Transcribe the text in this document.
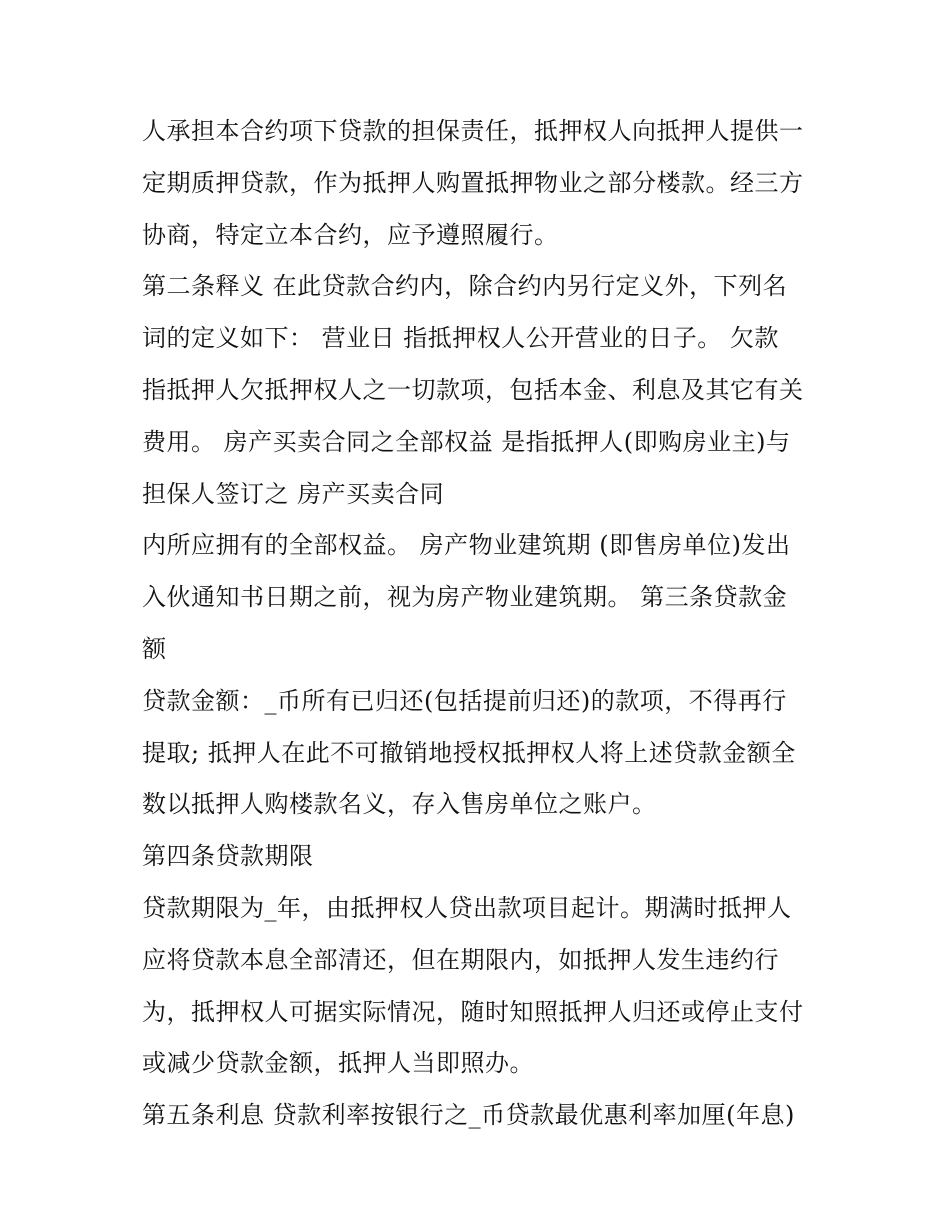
人承担本合约项下贷款的担保责任，抵押权人向抵押人提供一
定期质押贷款，作为抵押人购置抵押物业之部分楼款。经三方
协商，特定立本合约，应予遵照履行。
第二条释义 在此贷款合约内，除合约内另行定义外，下列名
词的定义如下： 营业日 指抵押权人公开营业的日子。 欠款
指抵押人欠抵押权人之一切款项，包括本金、利息及其它有关
费用。 房产买卖合同之全部权益 是指抵押人(即购房业主)与
担保人签订之 房产买卖合同
内所应拥有的全部权益。 房产物业建筑期 (即售房单位)发出
入伙通知书日期之前，视为房产物业建筑期。 第三条贷款金
额
贷款金额：_币所有已归还(包括提前归还)的款项，不得再行
提取; 抵押人在此不可撤销地授权抵押权人将上述贷款金额全
数以抵押人购楼款名义，存入售房单位之账户。
第四条贷款期限
贷款期限为_年，由抵押权人贷出款项目起计。期满时抵押人
应将贷款本息全部清还，但在期限内，如抵押人发生违约行
为，抵押权人可据实际情况，随时知照抵押人归还或停止支付
或减少贷款金额，抵押人当即照办。
第五条利息 贷款利率按银行之_币贷款最优惠利率加厘(年息)
